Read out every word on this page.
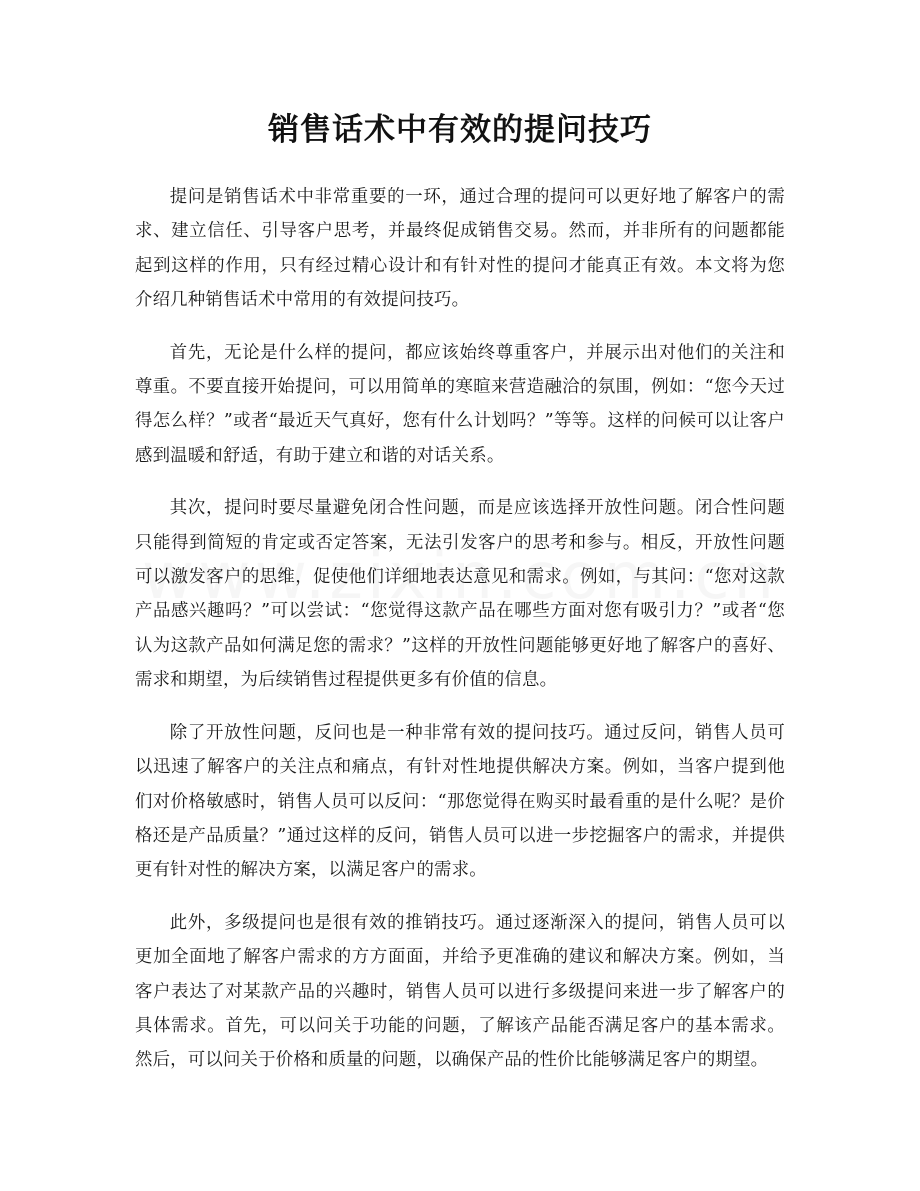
销售话术中有效的提问技巧

提问是销售话术中非常重要的一环，通过合理的提问可以更好地了解客户的需求、建立信任、引导客户思考，并最终促成销售交易。然而，并非所有的问题都能起到这样的作用，只有经过精心设计和有针对性的提问才能真正有效。本文将为您介绍几种销售话术中常用的有效提问技巧。

首先，无论是什么样的提问，都应该始终尊重客户，并展示出对他们的关注和尊重。不要直接开始提问，可以用简单的寒暄来营造融洽的氛围，例如：“您今天过得怎么样？”或者“最近天气真好，您有什么计划吗？”等等。这样的问候可以让客户感到温暖和舒适，有助于建立和谐的对话关系。

其次，提问时要尽量避免闭合性问题，而是应该选择开放性问题。闭合性问题只能得到简短的肯定或否定答案，无法引发客户的思考和参与。相反，开放性问题可以激发客户的思维，促使他们详细地表达意见和需求。例如，与其问：“您对这款产品感兴趣吗？”可以尝试：“您觉得这款产品在哪些方面对您有吸引力？”或者“您认为这款产品如何满足您的需求？”这样的开放性问题能够更好地了解客户的喜好、需求和期望，为后续销售过程提供更多有价值的信息。

除了开放性问题，反问也是一种非常有效的提问技巧。通过反问，销售人员可以迅速了解客户的关注点和痛点，有针对性地提供解决方案。例如，当客户提到他们对价格敏感时，销售人员可以反问：“那您觉得在购买时最看重的是什么呢？是价格还是产品质量？”通过这样的反问，销售人员可以进一步挖掘客户的需求，并提供更有针对性的解决方案，以满足客户的需求。

此外，多级提问也是很有效的推销技巧。通过逐渐深入的提问，销售人员可以更加全面地了解客户需求的方方面面，并给予更准确的建议和解决方案。例如，当客户表达了对某款产品的兴趣时，销售人员可以进行多级提问来进一步了解客户的具体需求。首先，可以问关于功能的问题，了解该产品能否满足客户的基本需求。然后，可以问关于价格和质量的问题，以确保产品的性价比能够满足客户的期望。
